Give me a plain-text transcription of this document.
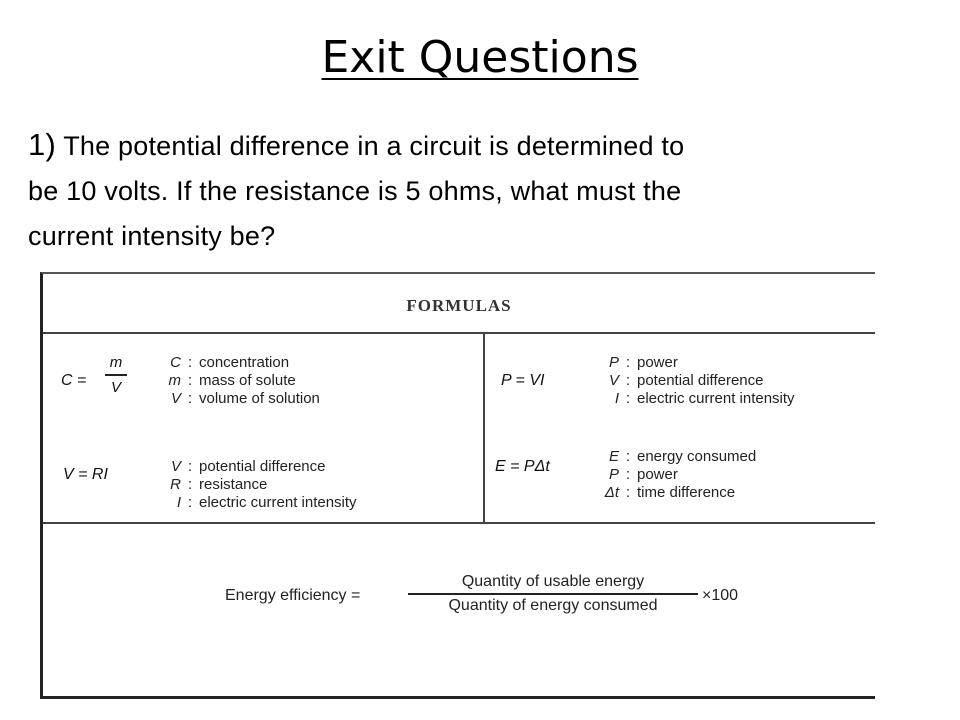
Exit Questions
1) The potential difference in a circuit is determined to
be 10 volts. If the resistance is 5 ohms, what must the
current intensity be?
FORMULAS
C =
m
V
C : concentration
m : mass of solute
V : volume of solution
P = VI
P : power
V : potential difference
I : electric current intensity
V = RI	V : potential difference
R : resistance
I : electric current intensity
E = PΔt
E : energy consumed
P : power
Δt : time difference
Energy efficiency =
Quantity of usable energy
Quantity of energy consumed
×100
